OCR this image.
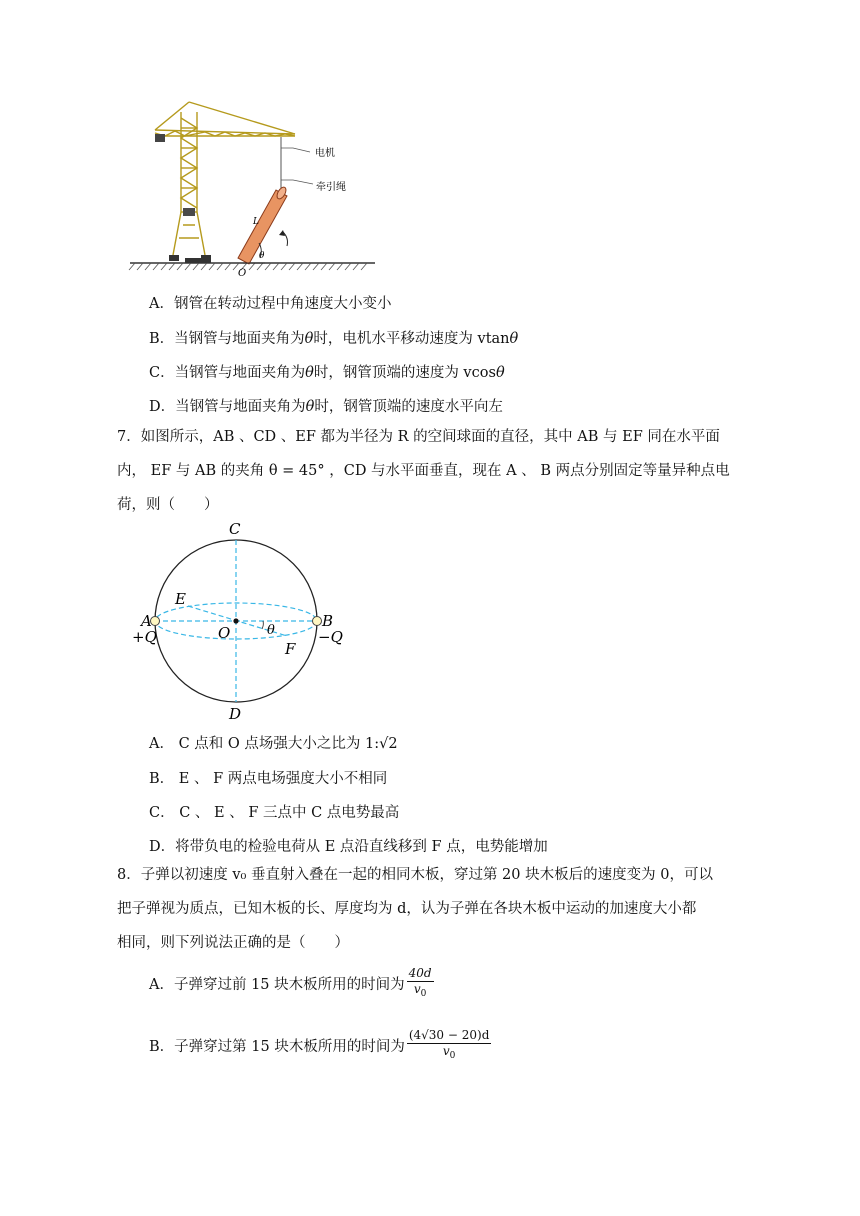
L
θ
O
电机
牵引绳
A．钢管在转动过程中角速度大小变小
B．当钢管与地面夹角为θ时，电机水平移动速度为 vtanθ
C．当钢管与地面夹角为θ时，钢管顶端的速度为 vcosθ
D．当钢管与地面夹角为θ时，钢管顶端的速度水平向左
7．如图所示，AB 、CD 、EF 都为半径为 R 的空间球面的直径，其中 AB 与 EF 同在水平面
内， EF 与 AB 的夹角 θ = 45° ，CD 与水平面垂直，现在 A 、 B 两点分别固定等量异种点电
荷，则（　　）
C
D
A	B
E
F
O
+Q	−Q
θ
A． C 点和 O 点场强大小之比为 1:√2
B． E 、 F 两点电场强度大小不相同
C． C 、 E 、 F 三点中 C 点电势最高
D．将带负电的检验电荷从 E 点沿直线移到 F 点，电势能增加
8．子弹以初速度 v₀ 垂直射入叠在一起的相同木板，穿过第 20 块木板后的速度变为 0，可以
把子弹视为质点，已知木板的长、厚度均为 d，认为子弹在各块木板中运动的加速度大小都
相同，则下列说法正确的是（　　）
A．子弹穿过前 15 块木板所用的时间为 $\frac{40d}{v_0}$
B．子弹穿过第 15 块木板所用的时间为 $\frac{(4√30 - 20)d}{v_0}$
